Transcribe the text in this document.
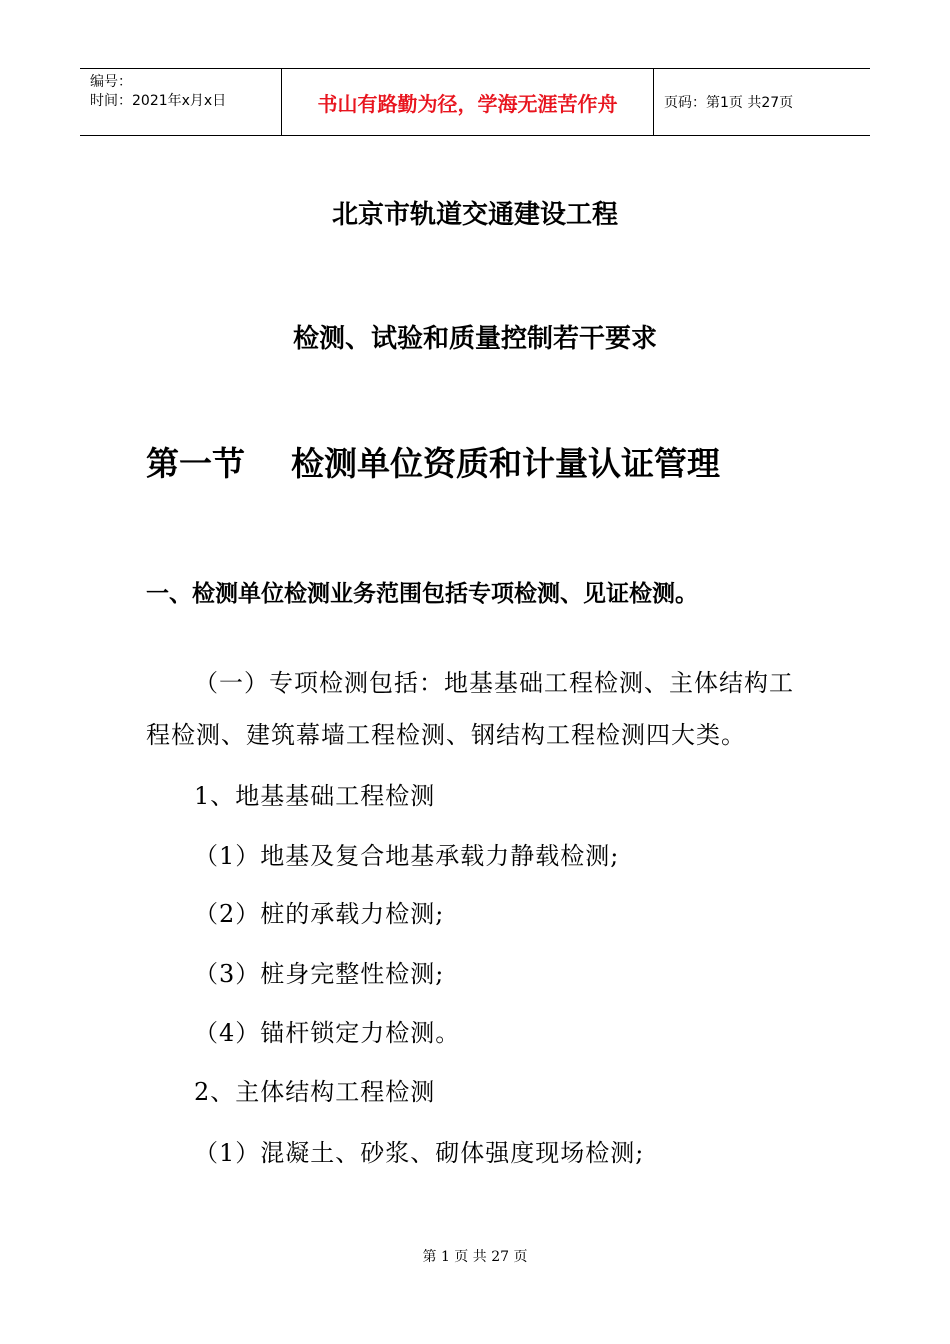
编号：
时间：2021年x月x日	书山有路勤为径，学海无涯苦作舟	页码：第1页 共27页
北京市轨道交通建设工程
检测、试验和质量控制若干要求
第一节    检测单位资质和计量认证管理
一、检测单位检测业务范围包括专项检测、见证检测。
（一）专项检测包括：地基基础工程检测、主体结构工程检测、建筑幕墙工程检测、钢结构工程检测四大类。
1、地基基础工程检测
（1）地基及复合地基承载力静载检测;
（2）桩的承载力检测;
（3）桩身完整性检测;
（4）锚杆锁定力检测。
2、主体结构工程检测
（1）混凝土、砂浆、砌体强度现场检测;
第 1 页 共 27 页
